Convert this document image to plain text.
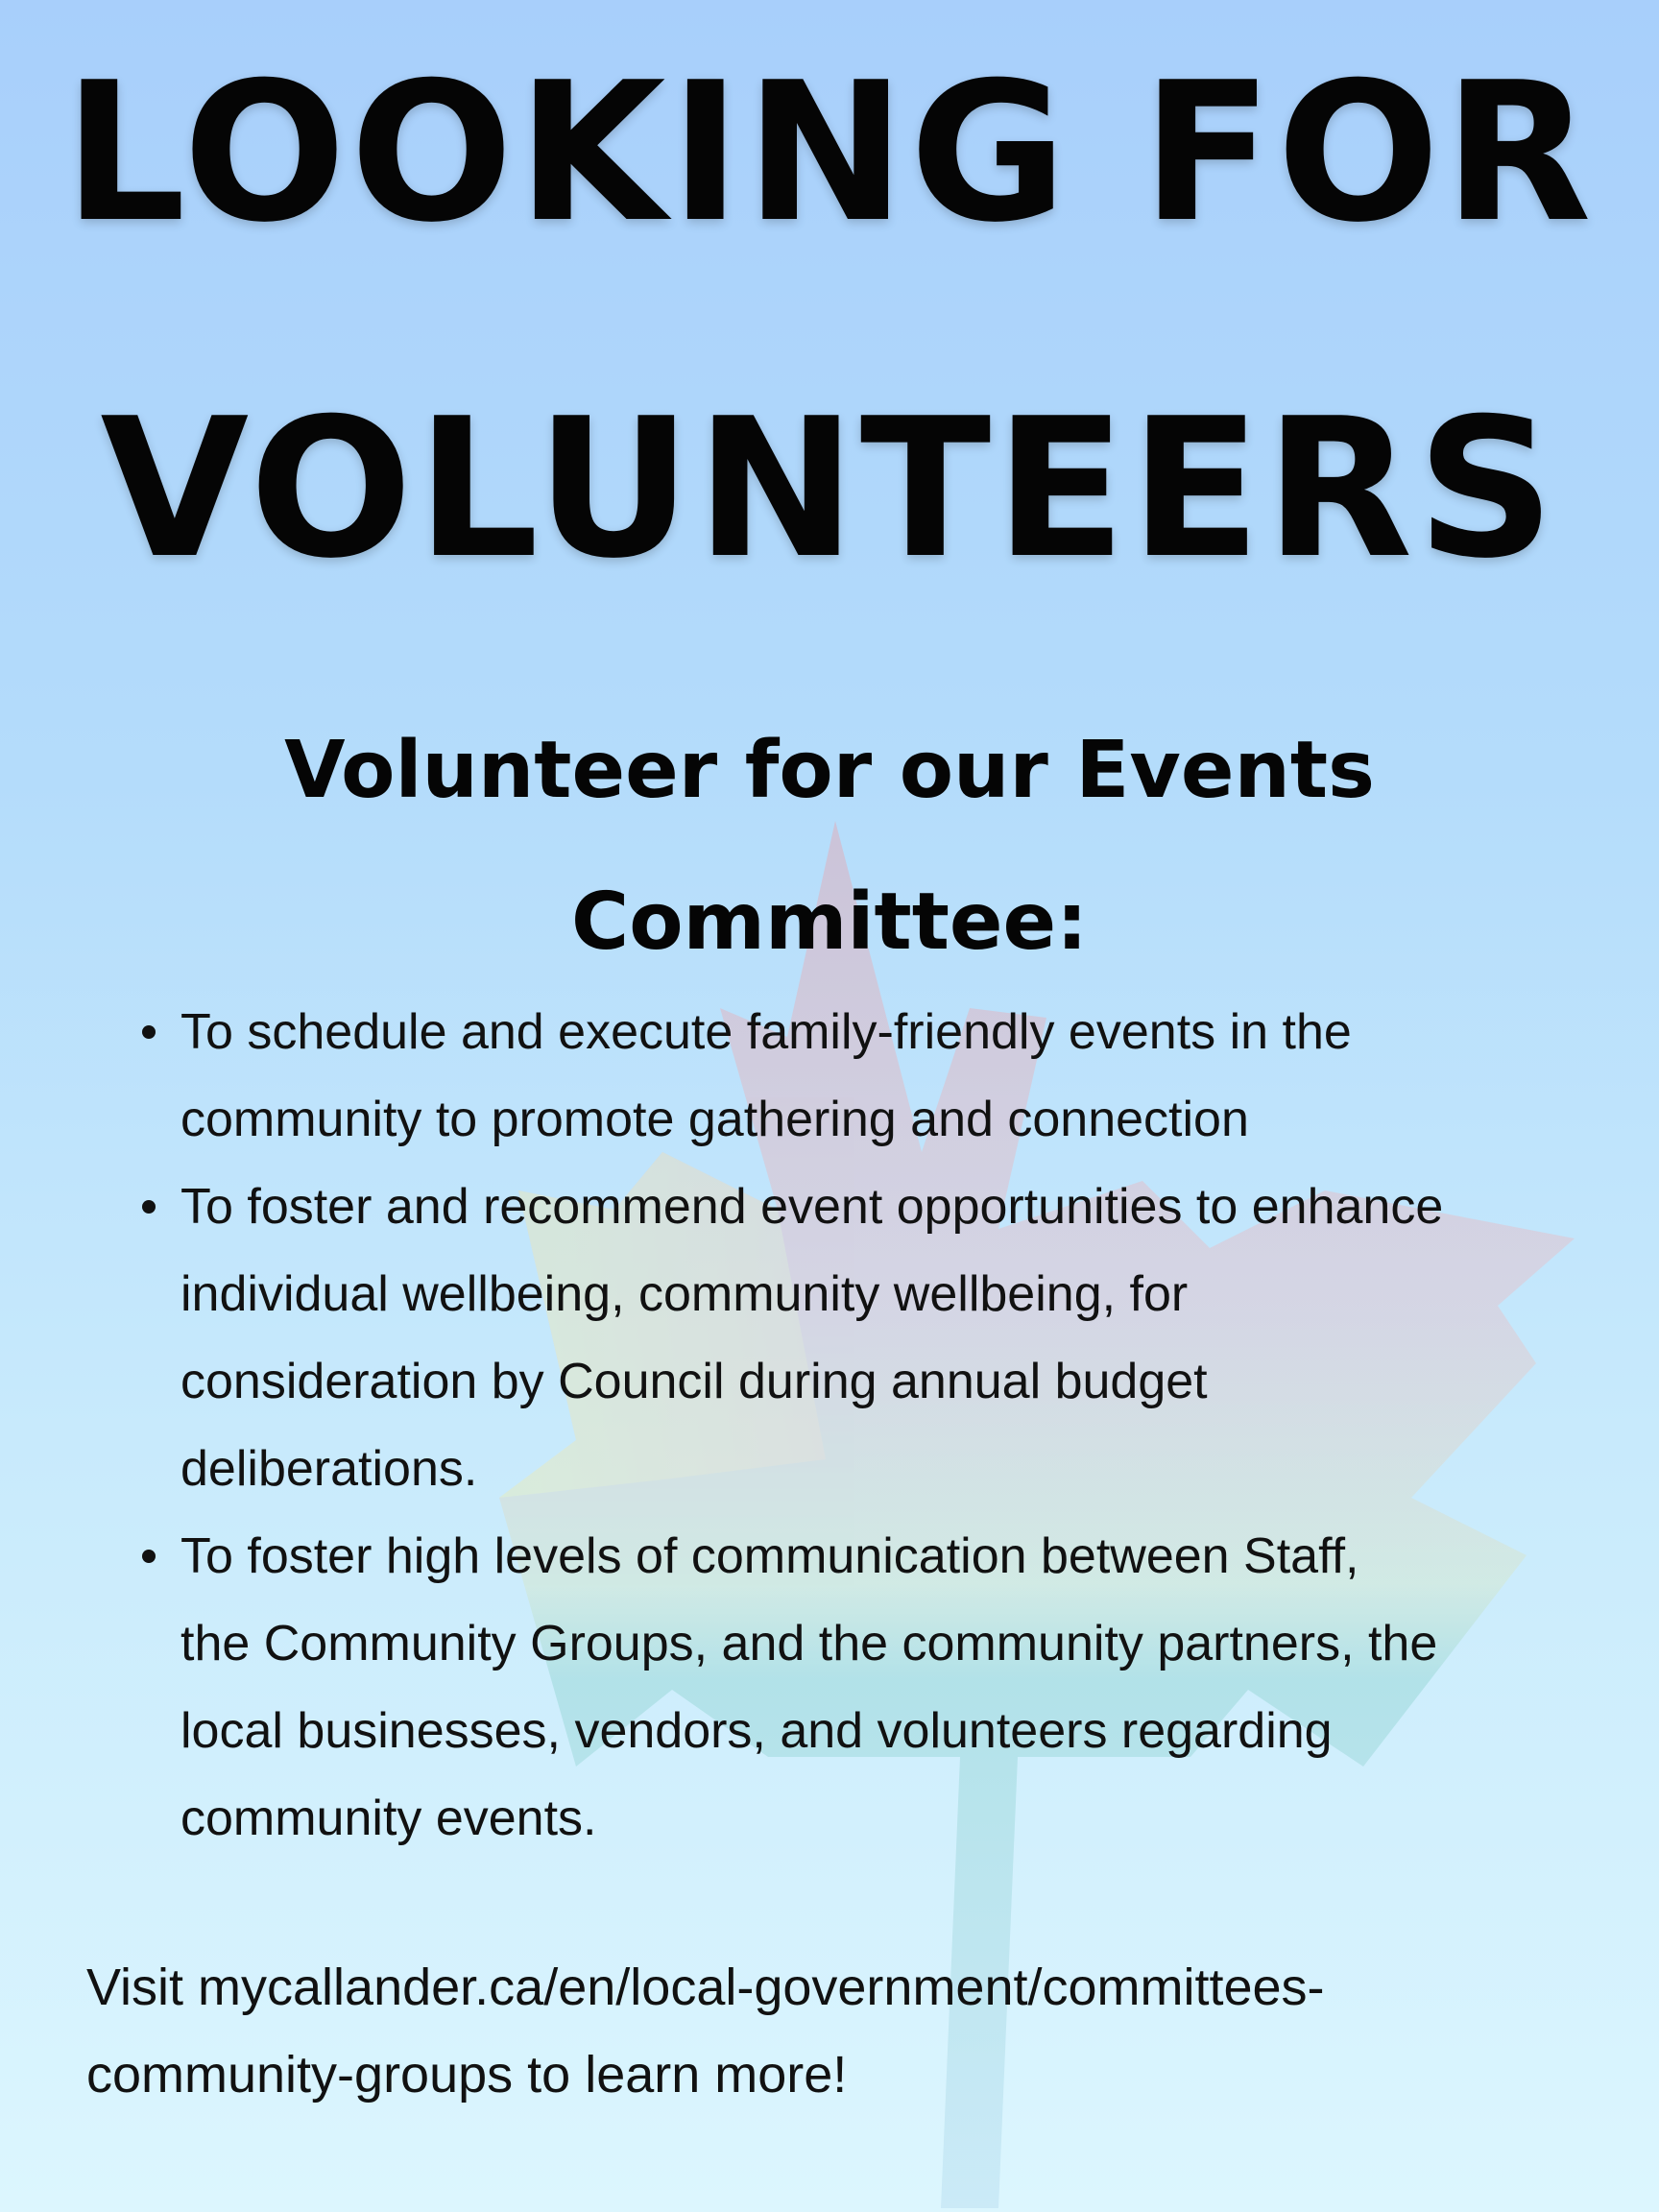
LOOKING FOR
VOLUNTEERS
Volunteer for our Events
Committee:
To schedule and execute family-friendly events in the
community to promote gathering and connection
To foster and recommend event opportunities to enhance
individual wellbeing, community wellbeing, for
consideration by Council during annual budget
deliberations.
To foster high levels of communication between Staff,
the Community Groups, and the community partners, the
local businesses, vendors, and volunteers regarding
community events.

Visit mycallander.ca/en/local-government/committees-
community-groups to learn more!
